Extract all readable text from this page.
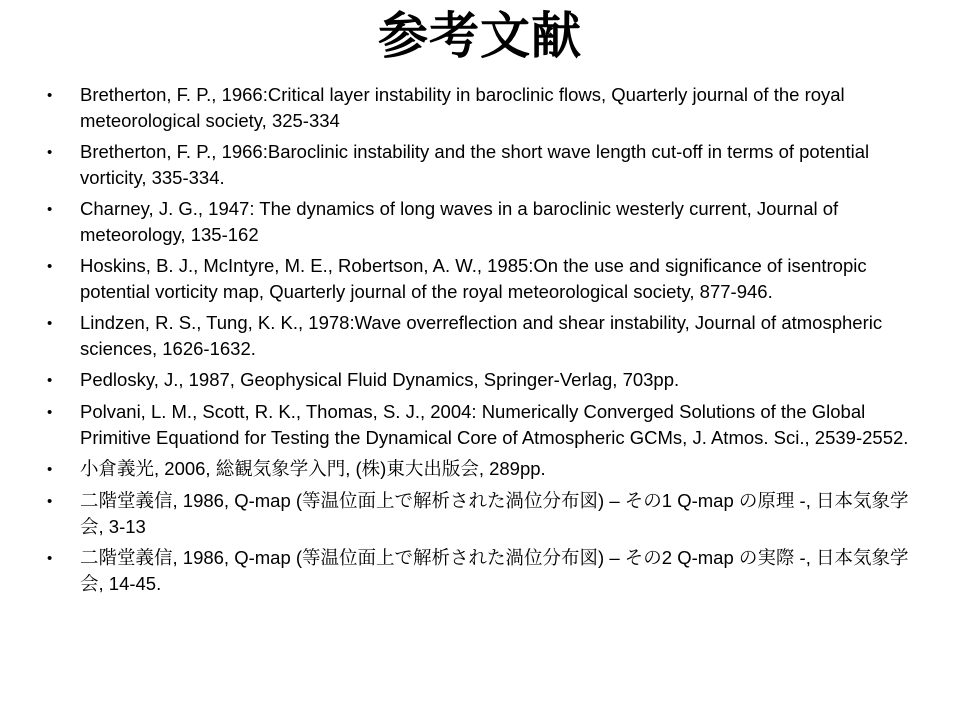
参考文献
•	Bretherton, F. P., 1966:Critical layer instability in baroclinic flows, Quarterly journal of the royal meteorological society, 325-334
•	Bretherton, F. P., 1966:Baroclinic instability and the short wave length cut-off in terms of potential vorticity, 335-334.
•	Charney, J. G., 1947: The dynamics of long waves in a baroclinic westerly current, Journal of meteorology, 135-162
•	Hoskins, B. J., McIntyre, M. E., Robertson, A. W., 1985:On the use and significance of isentropic potential vorticity map, Quarterly journal of the royal meteorological society, 877-946.
•	Lindzen, R. S., Tung, K. K., 1978:Wave overreflection and shear instability, Journal of atmospheric sciences, 1626-1632.
•	Pedlosky, J., 1987, Geophysical Fluid Dynamics, Springer-Verlag, 703pp.
•	Polvani, L. M., Scott, R. K., Thomas, S. J., 2004: Numerically Converged Solutions of the Global Primitive Equationd for Testing the Dynamical Core of Atmospheric GCMs, J. Atmos. Sci., 2539-2552.
•	小倉義光, 2006, 総観気象学入門, (株)東大出版会, 289pp.
•	二階堂義信, 1986, Q-map (等温位面上で解析された渦位分布図) – その1 Q-map の原理 -, 日本気象学会, 3-13
•	二階堂義信, 1986, Q-map (等温位面上で解析された渦位分布図) – その2 Q-map の実際 -, 日本気象学会, 14-45.
